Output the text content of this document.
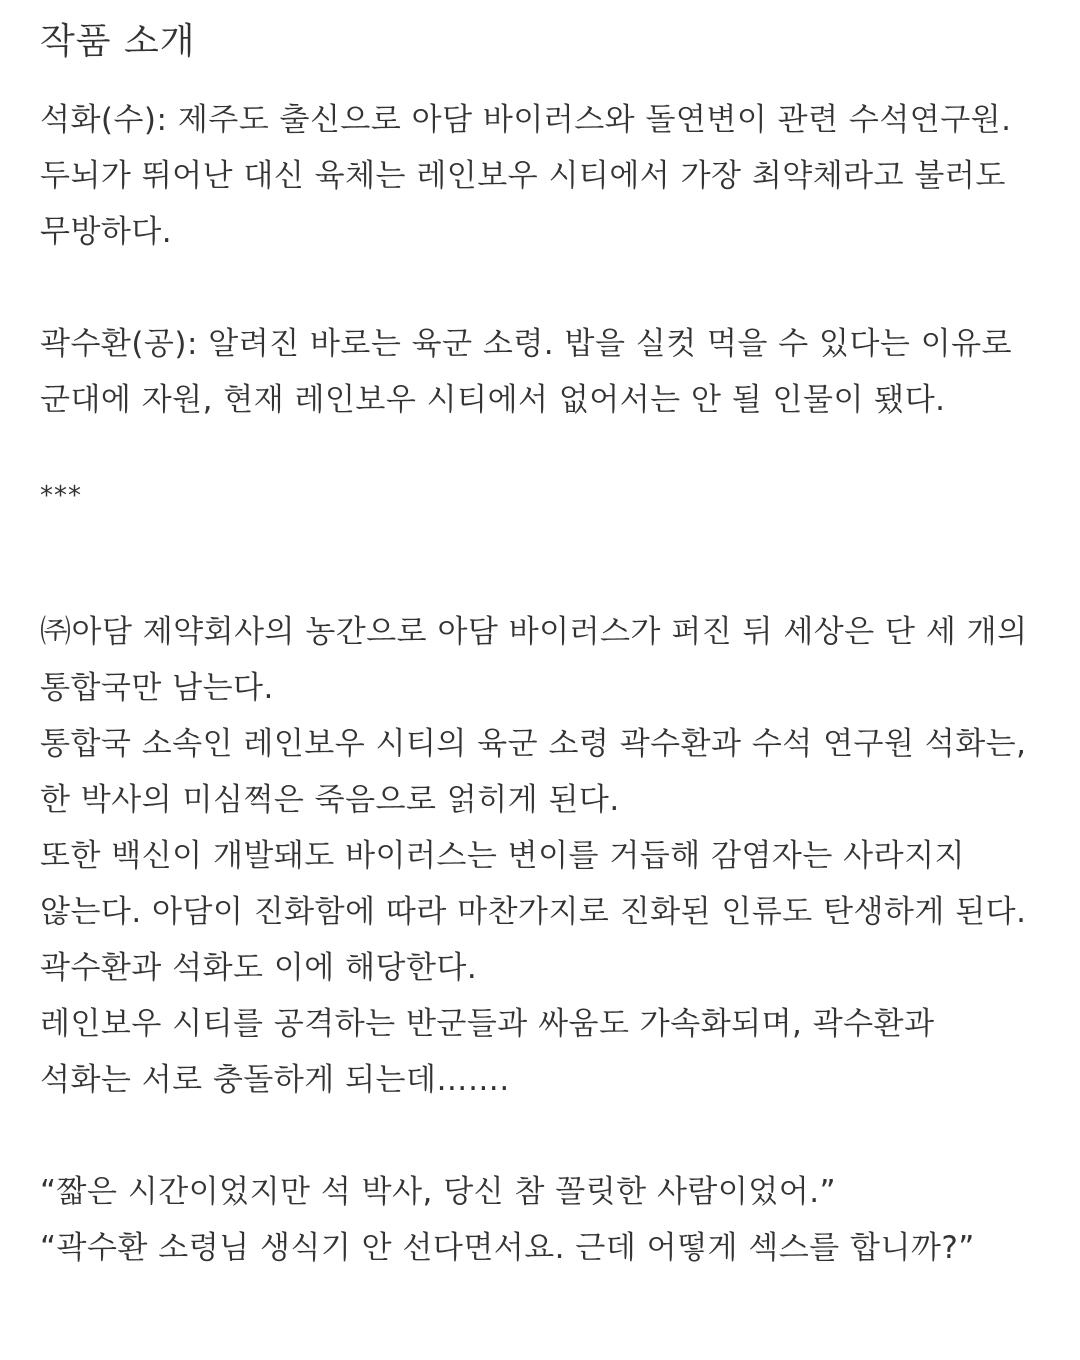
작품 소개
석화(수): 제주도 출신으로 아담 바이러스와 돌연변이 관련 수석연구원.
두뇌가 뛰어난 대신 육체는 레인보우 시티에서 가장 최약체라고 불러도
무방하다.
곽수환(공): 알려진 바로는 육군 소령. 밥을 실컷 먹을 수 있다는 이유로
군대에 자원, 현재 레인보우 시티에서 없어서는 안 될 인물이 됐다.
***
㈜아담 제약회사의 농간으로 아담 바이러스가 퍼진 뒤 세상은 단 세 개의
통합국만 남는다.
통합국 소속인 레인보우 시티의 육군 소령 곽수환과 수석 연구원 석화는,
한 박사의 미심쩍은 죽음으로 얽히게 된다.
또한 백신이 개발돼도 바이러스는 변이를 거듭해 감염자는 사라지지
않는다. 아담이 진화함에 따라 마찬가지로 진화된 인류도 탄생하게 된다.
곽수환과 석화도 이에 해당한다.
레인보우 시티를 공격하는 반군들과 싸움도 가속화되며, 곽수환과
석화는 서로 충돌하게 되는데…….
“짧은 시간이었지만 석 박사, 당신 참 꼴릿한 사람이었어.”
“곽수환 소령님 생식기 안 선다면서요. 근데 어떻게 섹스를 합니까?”
